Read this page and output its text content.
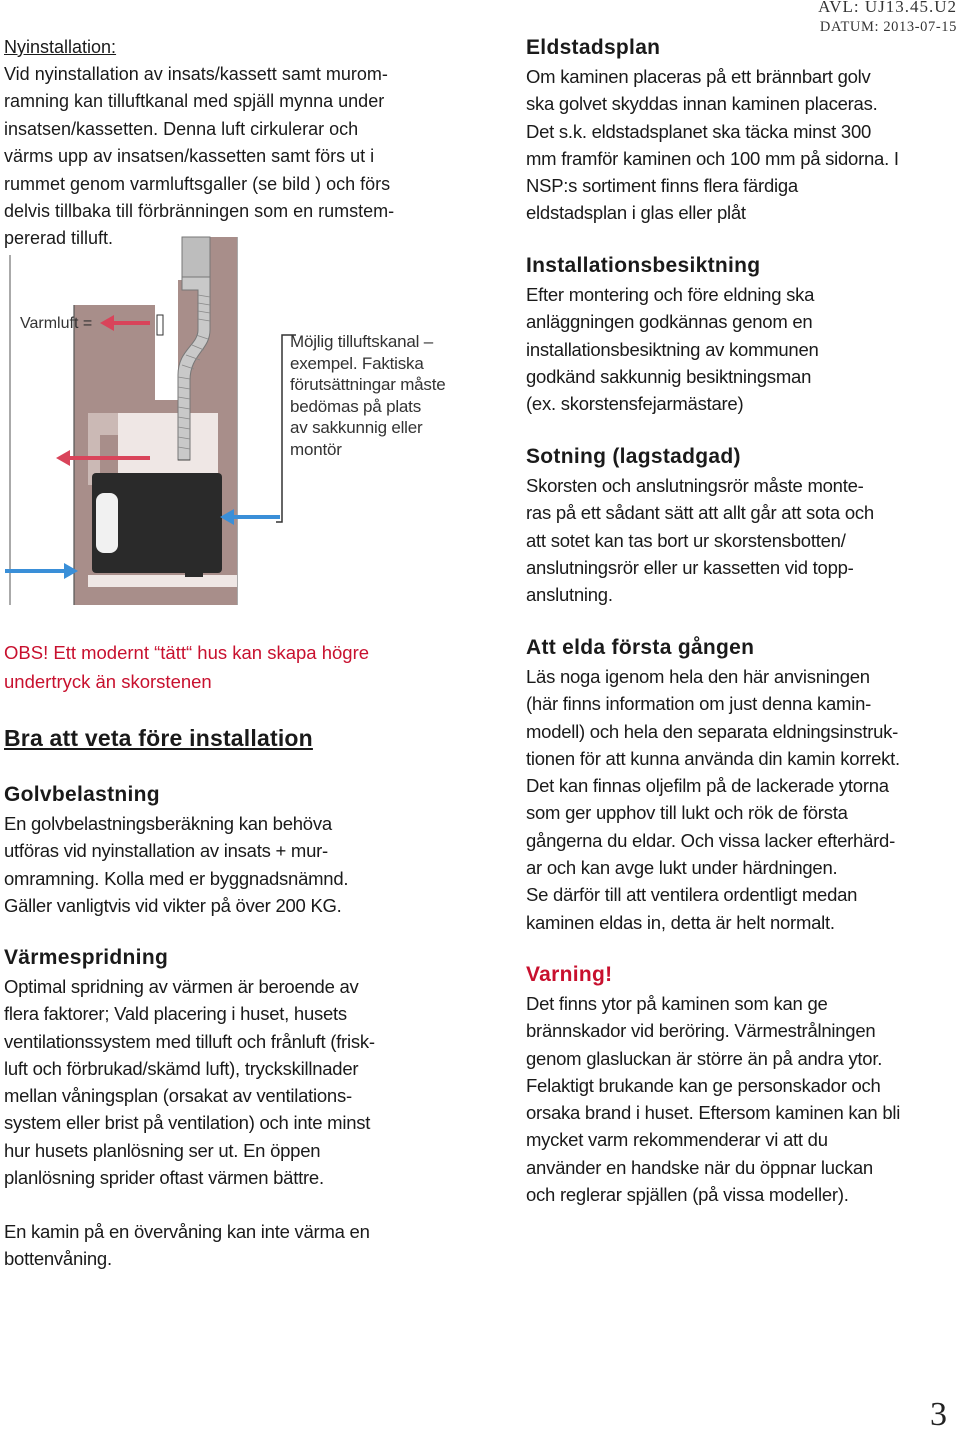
AVL: UJ13.45.U2
DATUM: 2013-07-15
Nyinstallation:
Vid nyinstallation av insats/kassett samt murom-
ramning kan tilluftkanal med spjäll mynna under
insatsen/kassetten. Denna luft cirkulerar och
värms upp av insatsen/kassetten samt förs ut i
rummet genom varmluftsgaller (se bild ) och förs
delvis tillbaka till förbränningen som en rumstem-
pererad tilluft.
Varmluft =
Möjlig tilluftskanal –
exempel. Faktiska
förutsättningar måste
bedömas på plats
av sakkunnig eller
montör
OBS! Ett modernt “tätt“ hus kan skapa högre
undertryck än skorstenen
Bra att veta före installation
Golvbelastning
En golvbelastningsberäkning kan behöva
utföras vid nyinstallation av insats + mur-
omramning. Kolla med er byggnadsnämnd.
Gäller vanligtvis vid vikter på över 200 KG.
Värmespridning
Optimal spridning av värmen är beroende av
flera faktorer; Vald placering i huset, husets
ventilationssystem med tilluft och frånluft (frisk-
luft och förbrukad/skämd luft), tryckskillnader
mellan våningsplan (orsakat av ventilations-
system eller brist på ventilation) och inte minst
hur husets planlösning ser ut. En öppen
planlösning sprider oftast värmen bättre.
En kamin på en övervåning kan inte värma en
bottenvåning.
Eldstadsplan
Om kaminen placeras på ett brännbart golv
ska golvet skyddas innan kaminen placeras.
Det s.k. eldstadsplanet ska täcka minst 300
mm framför kaminen och 100 mm på sidorna. I
NSP:s sortiment finns flera färdiga
eldstadsplan i glas eller plåt
Installationsbesiktning
Efter montering och före eldning ska
anläggningen godkännas genom en
installationsbesiktning av kommunen
godkänd sakkunnig besiktningsman
(ex. skorstensfejarmästare)
Sotning (lagstadgad)
Skorsten och anslutningsrör måste monte-
ras på ett sådant sätt att allt går att sota och
att sotet kan tas bort ur skorstensbotten/
anslutningsrör eller ur kassetten vid topp-
anslutning.
Att elda första gången
Läs noga igenom hela den här anvisningen
(här finns information om just denna kamin-
modell) och hela den separata eldningsinstruk-
tionen för att kunna använda din kamin korrekt.
Det kan finnas oljefilm på de lackerade ytorna
som ger upphov till lukt och rök de första
gångerna du eldar. Och vissa lacker efterhärd-
ar och kan avge lukt under härdningen.
Se därför till att ventilera ordentligt medan
kaminen eldas in, detta är helt normalt.
Varning!
Det finns ytor på kaminen som kan ge
brännskador vid beröring. Värmestrålningen
genom glasluckan är större än på andra ytor.
Felaktigt brukande kan ge personskador och
orsaka brand i huset. Eftersom kaminen kan bli
mycket varm rekommenderar vi att du
använder en handske när du öppnar luckan
och reglerar spjällen (på vissa modeller).
3
